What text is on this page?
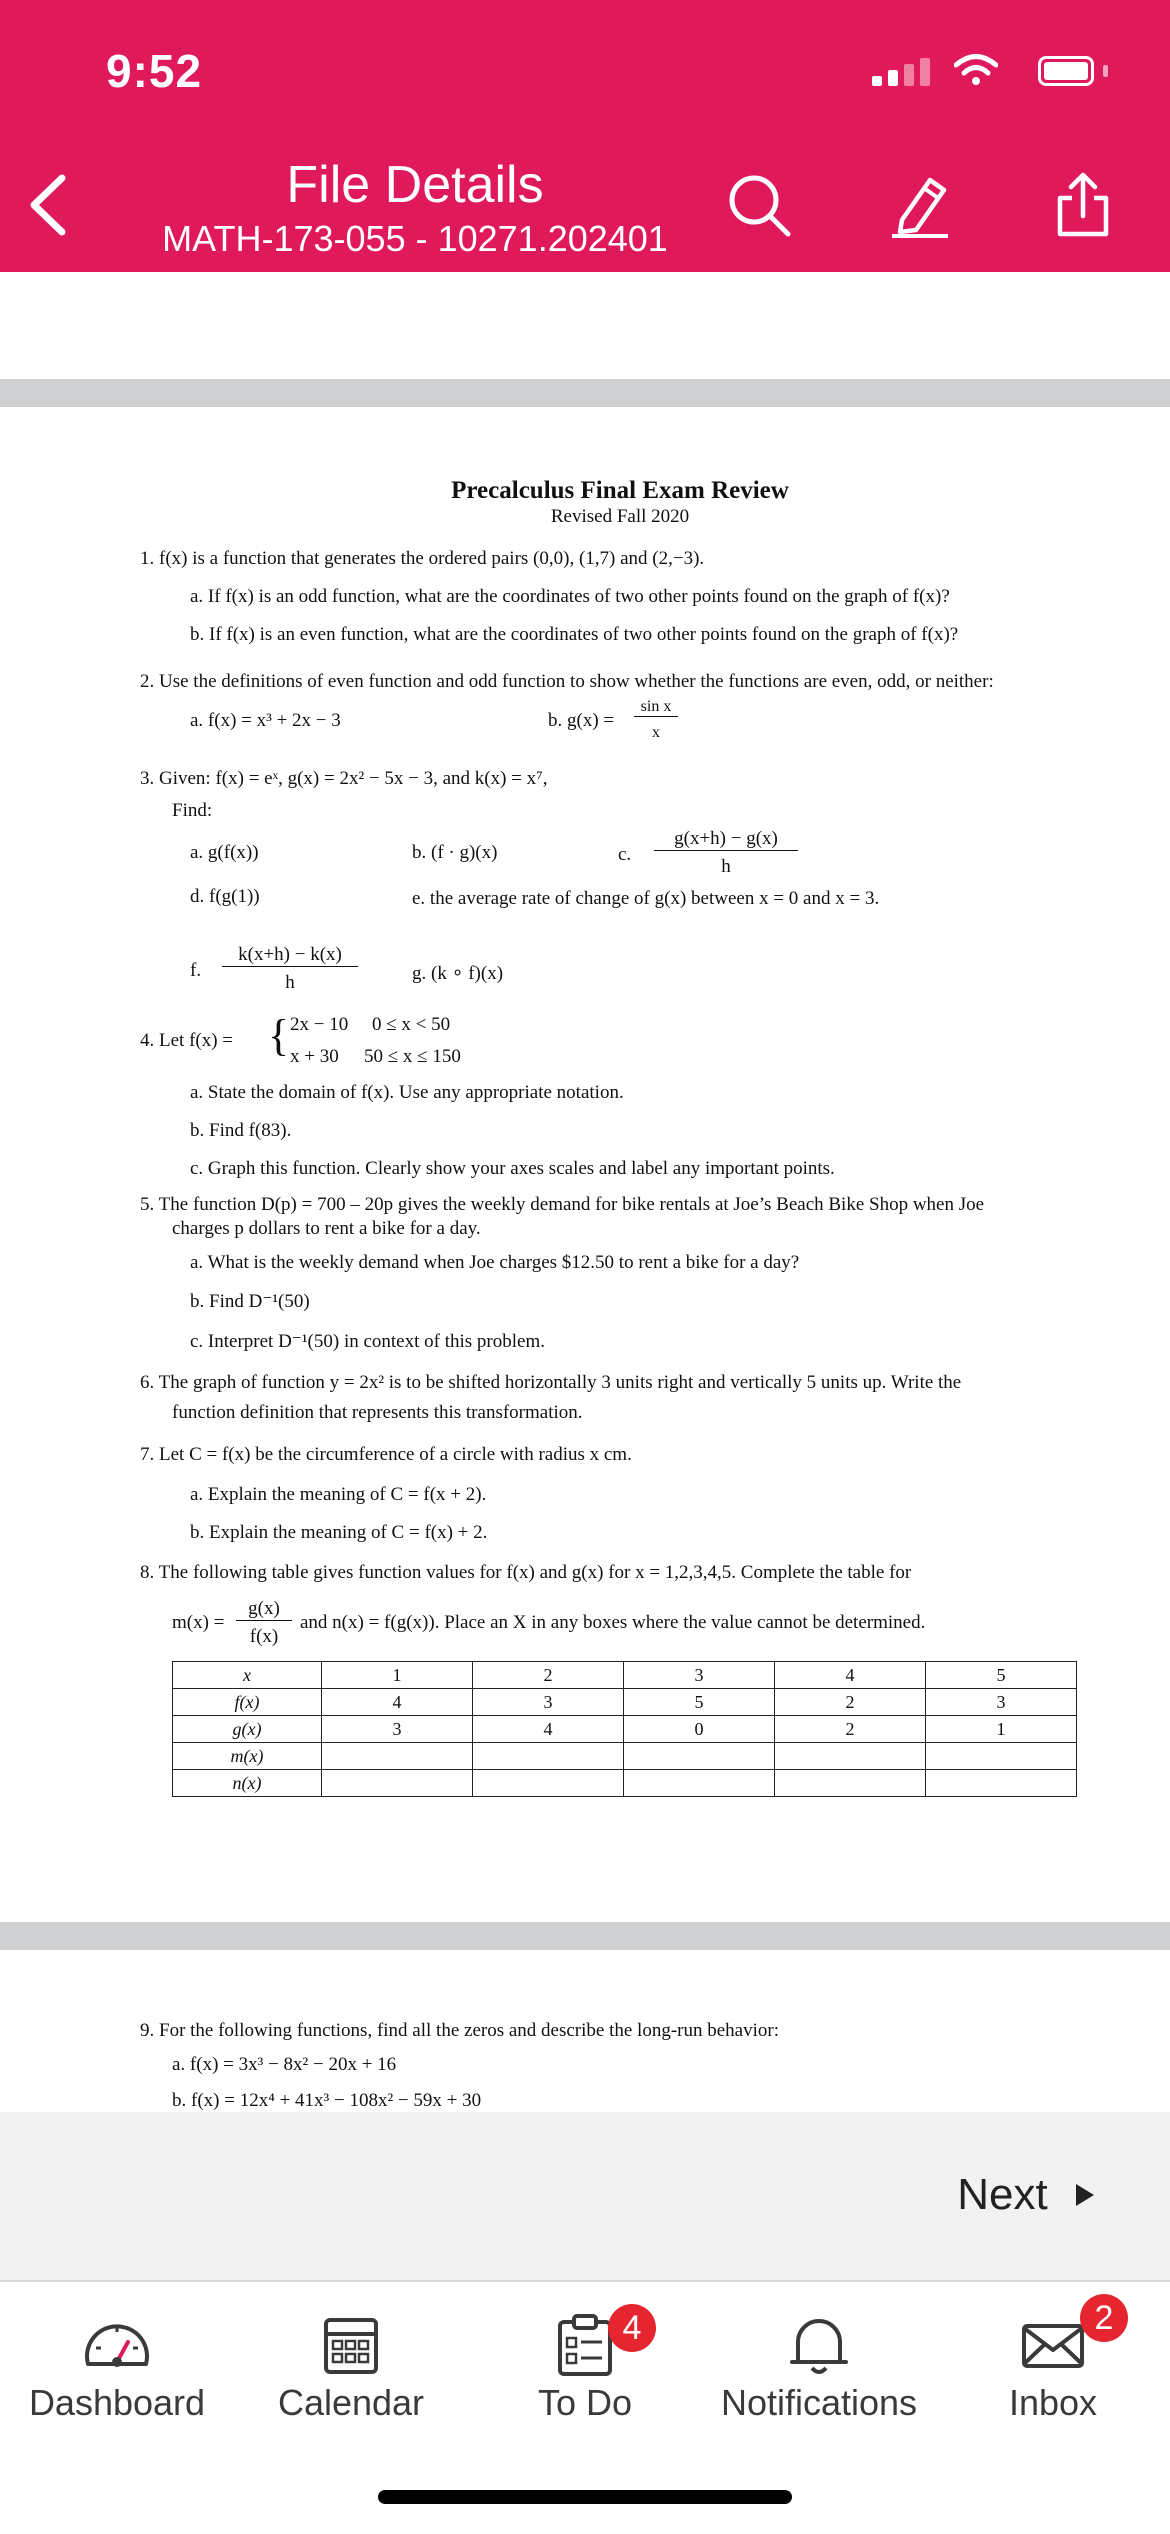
9:52
File Details
MATH-173-055 - 10271.202401
Precalculus Final Exam Review
Revised Fall 2020
1. f(x) is a function that generates the ordered pairs (0,0), (1,7) and (2,−3).
a. If f(x) is an odd function, what are the coordinates of two other points found on the graph of f(x)?
b. If f(x) is an even function, what are the coordinates of two other points found on the graph of f(x)?
2. Use the definitions of even function and odd function to show whether the functions are even, odd, or neither:
a. f(x) = x³ + 2x − 3	b. g(x) =
sin x
x
3. Given: f(x) = eˣ, g(x) = 2x² − 5x − 3, and k(x) = x⁷,
Find:
a. g(f(x))	b. (f · g)(x)	c.
g(x+h) − g(x)
h
d. f(g(1))	e. the average rate of change of g(x) between x = 0 and x = 3.
f.
k(x+h) − k(x)
h	g. (k ∘ f)(x)
4. Let f(x) = { 2x − 10 0 ≤ x < 50
x + 30 50 ≤ x ≤ 150
a. State the domain of f(x). Use any appropriate notation.
b. Find f(83).
c. Graph this function. Clearly show your axes scales and label any important points.
5. The function D(p) = 700 – 20p gives the weekly demand for bike rentals at Joe’s Beach Bike Shop when Joe
charges p dollars to rent a bike for a day.
a. What is the weekly demand when Joe charges $12.50 to rent a bike for a day?
b. Find D⁻¹(50)
c. Interpret D⁻¹(50) in context of this problem.
6. The graph of function y = 2x² is to be shifted horizontally 3 units right and vertically 5 units up. Write the
function definition that represents this transformation.
7. Let C = f(x) be the circumference of a circle with radius x cm.
a. Explain the meaning of C = f(x + 2).
b. Explain the meaning of C = f(x) + 2.
8. The following table gives function values for f(x) and g(x) for x = 1,2,3,4,5. Complete the table for
m(x) =
g(x)
f(x)
and n(x) = f(g(x)). Place an X in any boxes where the value cannot be determined.
x	1	2	3	4	5
f(x)	4	3	5	2	3
g(x)	3	4	0	2	1
m(x)					
n(x)					
9. For the following functions, find all the zeros and describe the long-run behavior:
a. f(x) = 3x³ − 8x² − 20x + 16
b. f(x) = 12x⁴ + 41x³ − 108x² − 59x + 30
Next
Dashboard	Calendar
4
To Do	Notifications
2
Inbox
